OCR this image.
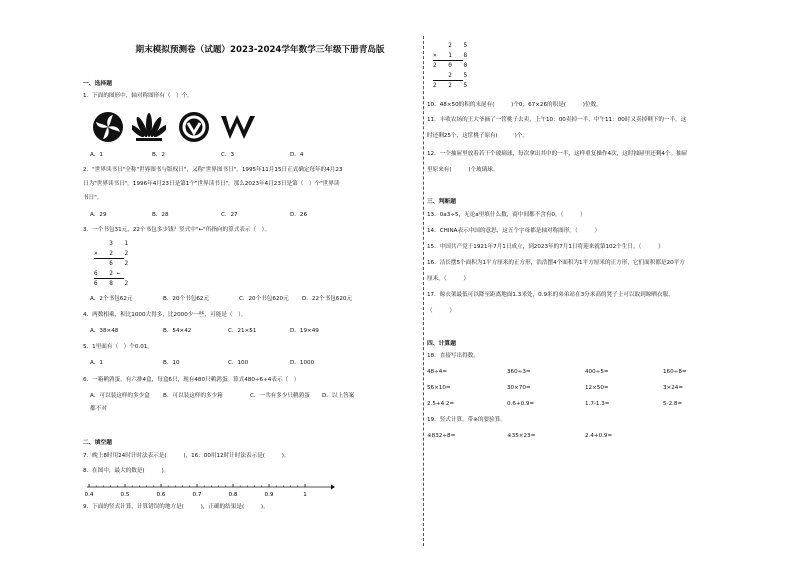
期末模拟预测卷（试题）2023-2024学年数学三年级下册青岛版
一、选择题
1．下面的图形中，轴对称图形有（　）个。
A．1	B．2	C．3	D．4
2．"世界读书日"全称"世界图书与版权日"，又称"世界图书日"。1995年11月15日正式确定每年的4月23
日为"世界读书日"。1996年4月23日是第1个"世界读书日"，那么2023年4月23日是第（　）个"世界读
书日"。
A．29	B．28	C．27	D．26
3．一个书包31元，22个书包多少钱？竖式中"←"所指向的算式表示（　）。
3 1
× 2 2
6 2
6 2←
6 8 2
A．2个书包62元	B．20个书包62元	C．20个书包620元 D．22个书包620元
4．两数相乘，积比1000大得多，比2000少一些，可能是（　）。
A．38×48	B．54×42	C．21×51	D．19×49
5．1里面有（　）个0.01。
A．1	B．10	C．100	D．1000
6．一箱鹌鹑蛋，有六排4盒，每盒6只，现有480只鹌鹑蛋。算式480÷6÷4表示（　）
A．可以装这样的多少盒 B．可以装这样的多少箱	C．一共有多少只鹌鹑蛋 D．以上答案
都不对
二、填空题
7．晚上8时用24时计时法表示是(　　　)，16：00用12时计时法表示是(　　　)。
8．在图中，最大的数是(　　　)。
0.4	0.5	0.6	0.7	0.8	0.9	1
9．下面的竖式计算，计算错误的地方是(　　　)，正确的结果是(　　　)。
2 5
× 1 8
2 0 0
2 5
2 2 5
10．48×50的积的末尾有(　　　)个0；67×26的积是(　　　)位数。
11．丰收农场的王大爷摘了一筐桃子去卖，上午10：00卖掉一半，中午11：00时又卖掉剩下的一半，这
时还剩25个，这筐桃子原有(　　　)个。
12．一个抽屉里放着若干个玻璃球，每次拿出其中的一半，这样重复操作4次，这时抽屉里还剩4个。抽屉
里原来有(　　　)个玻璃球。
三、判断题
13．0a3÷5，无论a里填什么数，商中间都不含有0。（　　　）
14．CHINA表示中国的意思，这五个字母都是轴对称图形。（　　　）
15．中国共产党于1921年7月1日成立，到2023年的7月1日将迎来就第102个生日。（　　　）
16．洁长摆5个面积为1平方厘米的正方形，浩浩摆4个面积为1平方厘米的正方形，它们面积都是20平方
厘米。（　　　）
17．晾衣架最低可以降至距离地面1.3米处，0.9米的弟弟站在3分米高的凳子上可以取到晾晒衣服。
（　　　）
四、计算题
18．直接写出得数。
48÷4=	360÷3=	400÷5=	160÷8=
56×10=	30×70=	12×50=	3×24=
2.5+4.2=	0.6+0.9=	1.7-1.3=	5-2.8=
19．竖式计算，带※的要验算。
※832÷8=	※35×23=	2.4+0.9=
